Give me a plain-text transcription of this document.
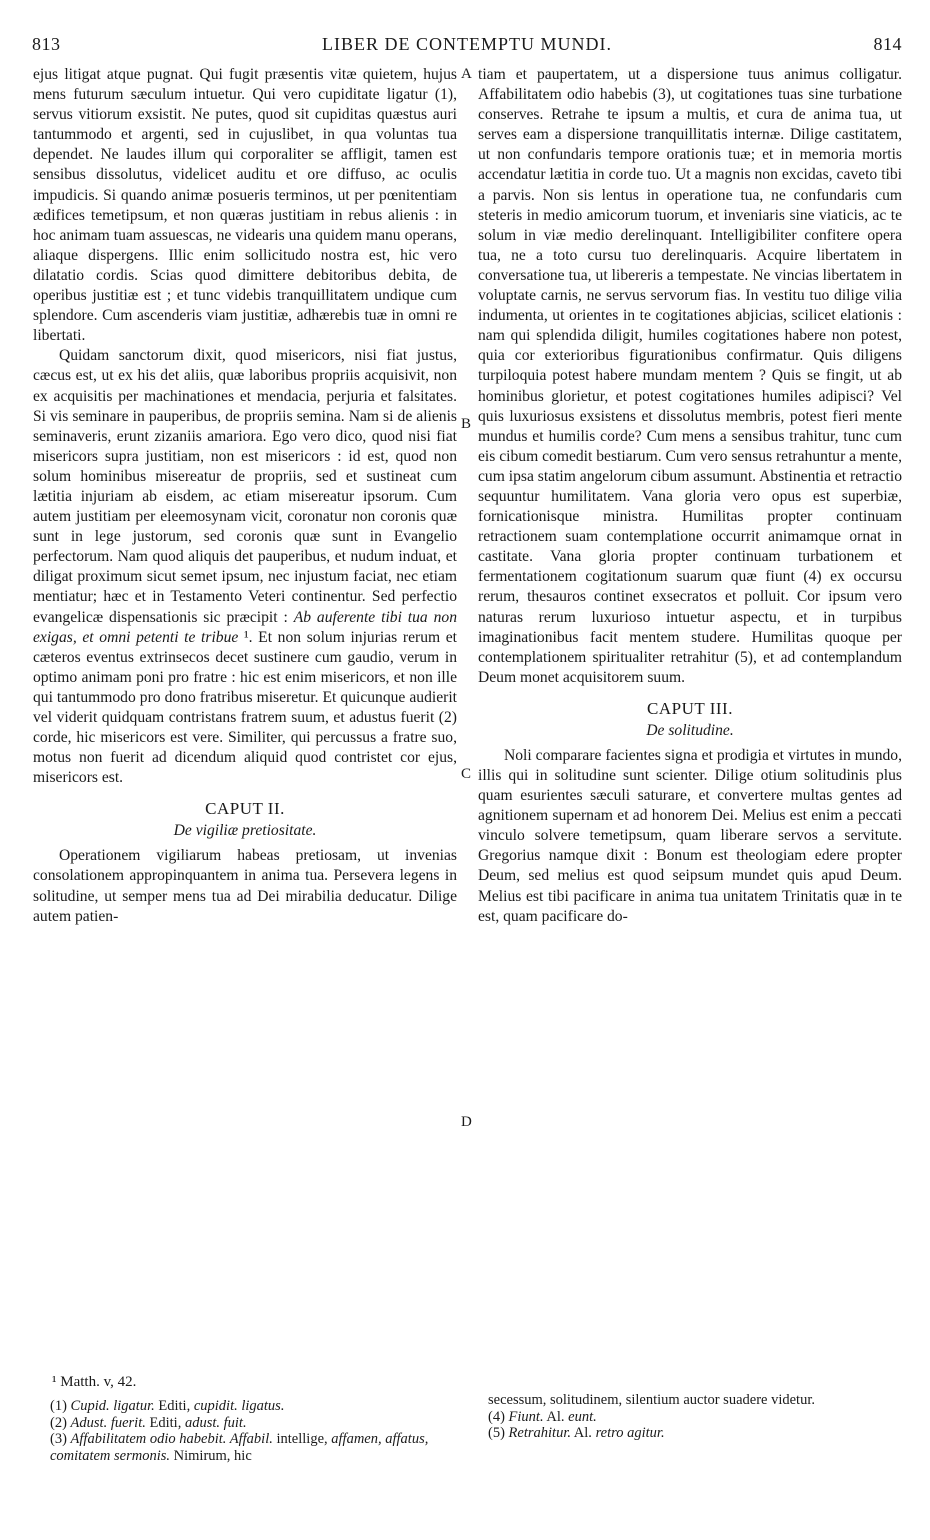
813	LIBER DE CONTEMPTU MUNDI.	814
A
B
C
D

ejus litigat atque pugnat. Qui fugit præsentis vitæ quietem, hujus mens futurum sæculum intuetur. Qui vero cupiditate ligatur (1), servus vitiorum exsistit. Ne putes, quod sit cupiditas quæstus auri tantummodo et argenti, sed in cujuslibet, in qua voluntas tua dependet. Ne laudes illum qui corporaliter se affligit, tamen est sensibus dissolutus, videlicet auditu et ore diffuso, ac oculis impudicis. Si quando animæ posueris terminos, ut per pœnitentiam ædifices temetipsum, et non quæras justitiam in rebus alienis : in hoc animam tuam assuescas, ne videaris una quidem manu operans, aliaque dispergens. Illic enim sollicitudo nostra est, hic vero dilatatio cordis. Scias quod dimittere debitoribus debita, de operibus justitiæ est ; et tunc videbis tranquillitatem undique cum splendore. Cum ascenderis viam justitiæ, adhærebis tuæ in omni re libertati.

Quidam sanctorum dixit, quod misericors, nisi fiat justus, cæcus est, ut ex his det aliis, quæ laboribus propriis acquisivit, non ex acquisitis per machinationes et mendacia, perjuria et falsitates. Si vis seminare in pauperibus, de propriis semina. Nam si de alienis seminaveris, erunt zizaniis amariora. Ego vero dico, quod nisi fiat misericors supra justitiam, non est misericors : id est, quod non solum hominibus misereatur de propriis, sed et sustineat cum lætitia injuriam ab eisdem, ac etiam misereatur ipsorum. Cum autem justitiam per eleemosynam vicit, coronatur non coronis quæ sunt in lege justorum, sed coronis quæ sunt in Evangelio perfectorum. Nam quod aliquis det pauperibus, et nudum induat, et diligat proximum sicut semet ipsum, nec injustum faciat, nec etiam mentiatur; hæc et in Testamento Veteri continentur. Sed perfectio evangelicæ dispensationis sic præcipit : Ab auferente tibi tua non exigas, et omni petenti te tribue ¹. Et non solum injurias rerum et cæteros eventus extrinsecos decet sustinere cum gaudio, verum in optimo animam poni pro fratre : hic est enim misericors, et non ille qui tantummodo pro dono fratribus miseretur. Et quicunque audierit vel viderit quidquam contristans fratrem suum, et adustus fuerit (2) corde, hic misericors est vere. Similiter, qui percussus a fratre suo, motus non fuerit ad dicendum aliquid quod contristet cor ejus, misericors est.

CAPUT II.
De vigiliæ pretiositate.

Operationem vigiliarum habeas pretiosam, ut invenias consolationem appropinquantem in anima tua. Persevera legens in solitudine, ut semper mens tua ad Dei mirabilia deducatur. Dilige autem patien-

tiam et paupertatem, ut a dispersione tuus animus colligatur. Affabilitatem odio habebis (3), ut cogitationes tuas sine turbatione conserves. Retrahe te ipsum a multis, et cura de anima tua, ut serves eam a dispersione tranquillitatis internæ. Dilige castitatem, ut non confundaris tempore orationis tuæ; et in memoria mortis accendatur lætitia in corde tuo. Ut a magnis non excidas, caveto tibi a parvis. Non sis lentus in operatione tua, ne confundaris cum steteris in medio amicorum tuorum, et inveniaris sine viaticis, ac te solum in viæ medio derelinquant. Intelligibiliter confitere opera tua, ne a toto cursu tuo derelinquaris. Acquire libertatem in conversatione tua, ut libereris a tempestate. Ne vincias libertatem in voluptate carnis, ne servus servorum fias. In vestitu tuo dilige vilia indumenta, ut orientes in te cogitationes abjicias, scilicet elationis : nam qui splendida diligit, humiles cogitationes habere non potest, quia cor exterioribus figurationibus confirmatur. Quis diligens turpiloquia potest habere mundam mentem ? Quis se fingit, ut ab hominibus glorietur, et potest cogitationes humiles adipisci? Vel quis luxuriosus exsistens et dissolutus membris, potest fieri mente mundus et humilis corde? Cum mens a sensibus trahitur, tunc cum eis cibum comedit bestiarum. Cum vero sensus retrahuntur a mente, cum ipsa statim angelorum cibum assumunt. Abstinentia et retractio sequuntur humilitatem. Vana gloria vero opus est superbiæ, fornicationisque ministra. Humilitas propter continuam retractionem suam contemplatione occurrit animamque ornat in castitate. Vana gloria propter continuam turbationem et fermentationem cogitationum suarum quæ fiunt (4) ex occursu rerum, thesauros continet exsecratos et polluit. Cor ipsum vero naturas rerum luxurioso intuetur aspectu, et in turpibus imaginationibus facit mentem studere. Humilitas quoque per contemplationem spiritualiter retrahitur (5), et ad contemplandum Deum monet acquisitorem suum.

CAPUT III.
De solitudine.

Noli comparare facientes signa et prodigia et virtutes in mundo, illis qui in solitudine sunt scienter. Dilige otium solitudinis plus quam esurientes sæculi saturare, et convertere multas gentes ad agnitionem supernam et ad honorem Dei. Melius est enim a peccati vinculo solvere temetipsum, quam liberare servos a servitute. Gregorius namque dixit : Bonum est theologiam edere propter Deum, sed melius est quod seipsum mundet quis apud Deum. Melius est tibi pacificare in anima tua unitatem Trinitatis quæ in te est, quam pacificare do-

¹ Matth. v, 42.
(1) Cupid. ligatur. Editi, cupidit. ligatus.
(2) Adust. fuerit. Editi, adust. fuit.
(3) Affabilitatem odio habebit. Affabil. intellige, affamen, affatus, comitatem sermonis. Nimirum, hic
secessum, solitudinem, silentium auctor suadere videtur.
(4) Fiunt. Al. eunt.
(5) Retrahitur. Al. retro agitur.
